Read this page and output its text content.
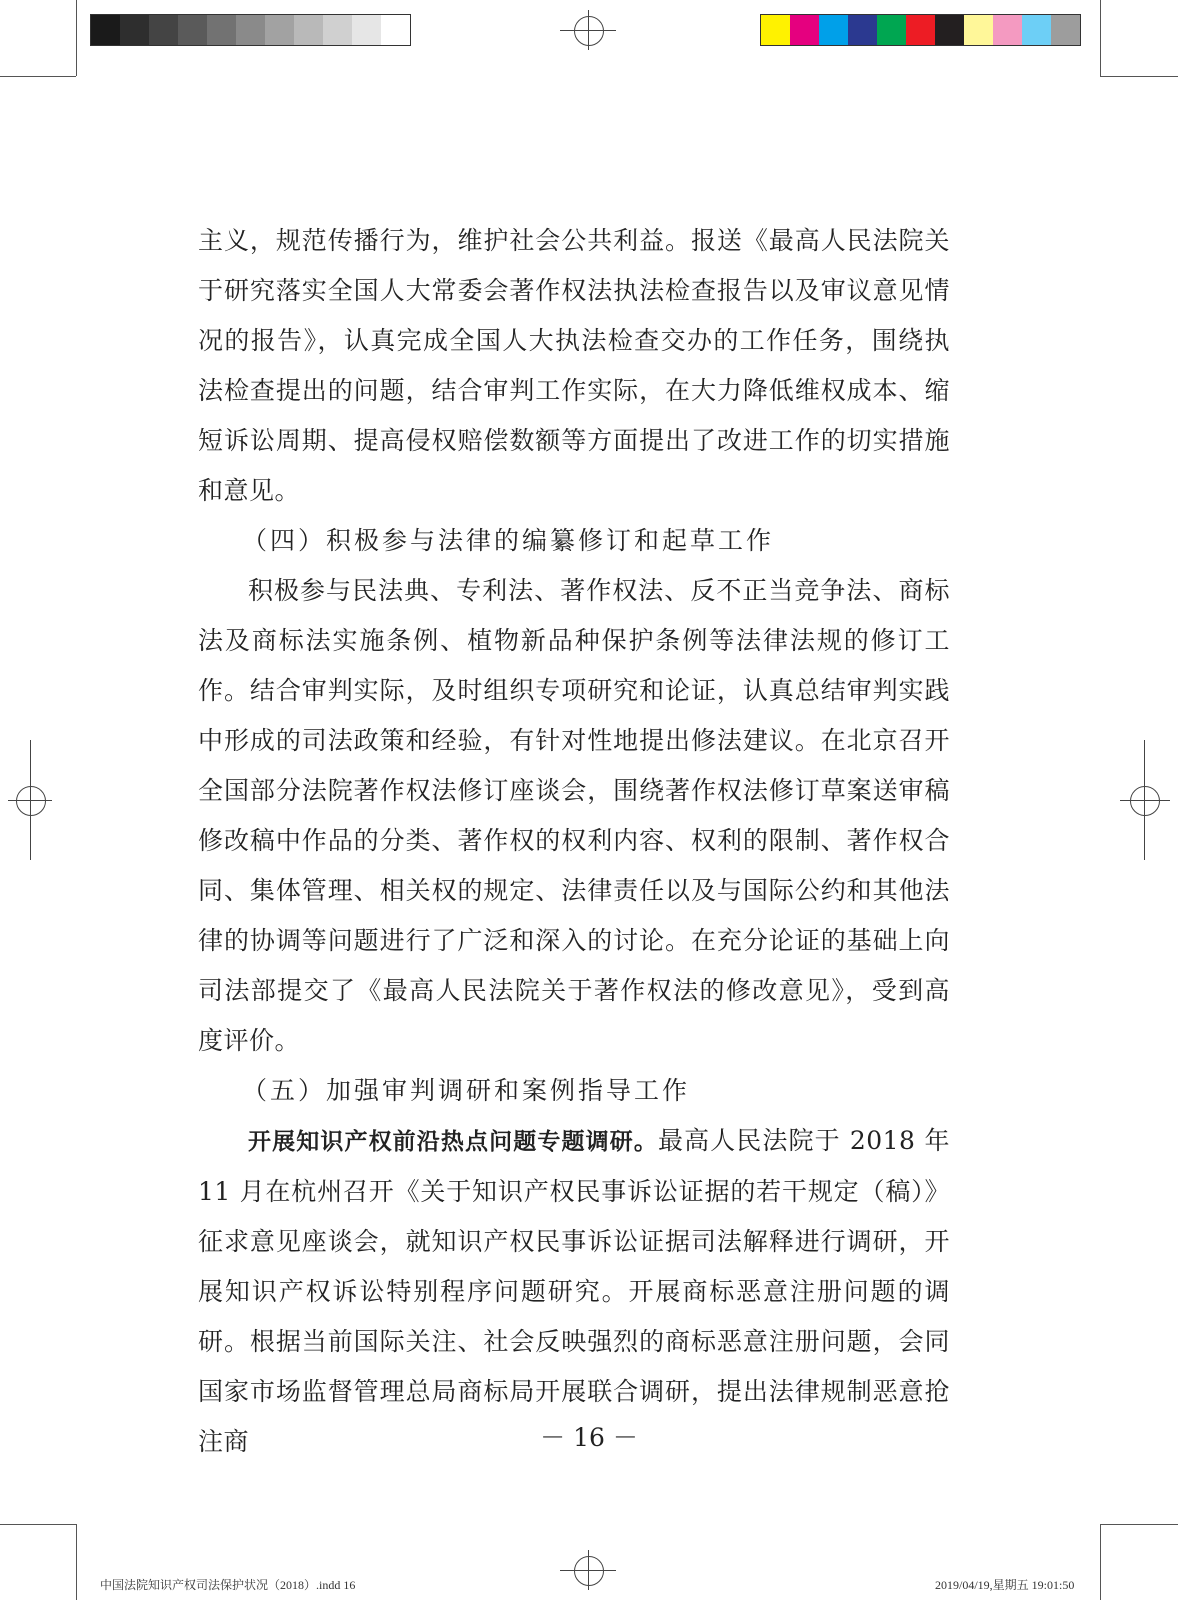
主义，规范传播行为，维护社会公共利益。报送《最高人民法院关于研究落实全国人大常委会著作权法执法检查报告以及审议意见情况的报告》，认真完成全国人大执法检查交办的工作任务，围绕执法检查提出的问题，结合审判工作实际，在大力降低维权成本、缩短诉讼周期、提高侵权赔偿数额等方面提出了改进工作的切实措施和意见。

（四）积极参与法律的编纂修订和起草工作

积极参与民法典、专利法、著作权法、反不正当竞争法、商标法及商标法实施条例、植物新品种保护条例等法律法规的修订工作。结合审判实际，及时组织专项研究和论证，认真总结审判实践中形成的司法政策和经验，有针对性地提出修法建议。在北京召开全国部分法院著作权法修订座谈会，围绕著作权法修订草案送审稿修改稿中作品的分类、著作权的权利内容、权利的限制、著作权合同、集体管理、相关权的规定、法律责任以及与国际公约和其他法律的协调等问题进行了广泛和深入的讨论。在充分论证的基础上向司法部提交了《最高人民法院关于著作权法的修改意见》，受到高度评价。

（五）加强审判调研和案例指导工作

开展知识产权前沿热点问题专题调研。最高人民法院于 2018 年 11 月在杭州召开《关于知识产权民事诉讼证据的若干规定（稿）》征求意见座谈会，就知识产权民事诉讼证据司法解释进行调研，开展知识产权诉讼特别程序问题研究。开展商标恶意注册问题的调研。根据当前国际关注、社会反映强烈的商标恶意注册问题，会同国家市场监督管理总局商标局开展联合调研，提出法律规制恶意抢注商	－ 16 －
中国法院知识产权司法保护状况（2018）.indd 16	2019/04/19,星期五 19:01:50
